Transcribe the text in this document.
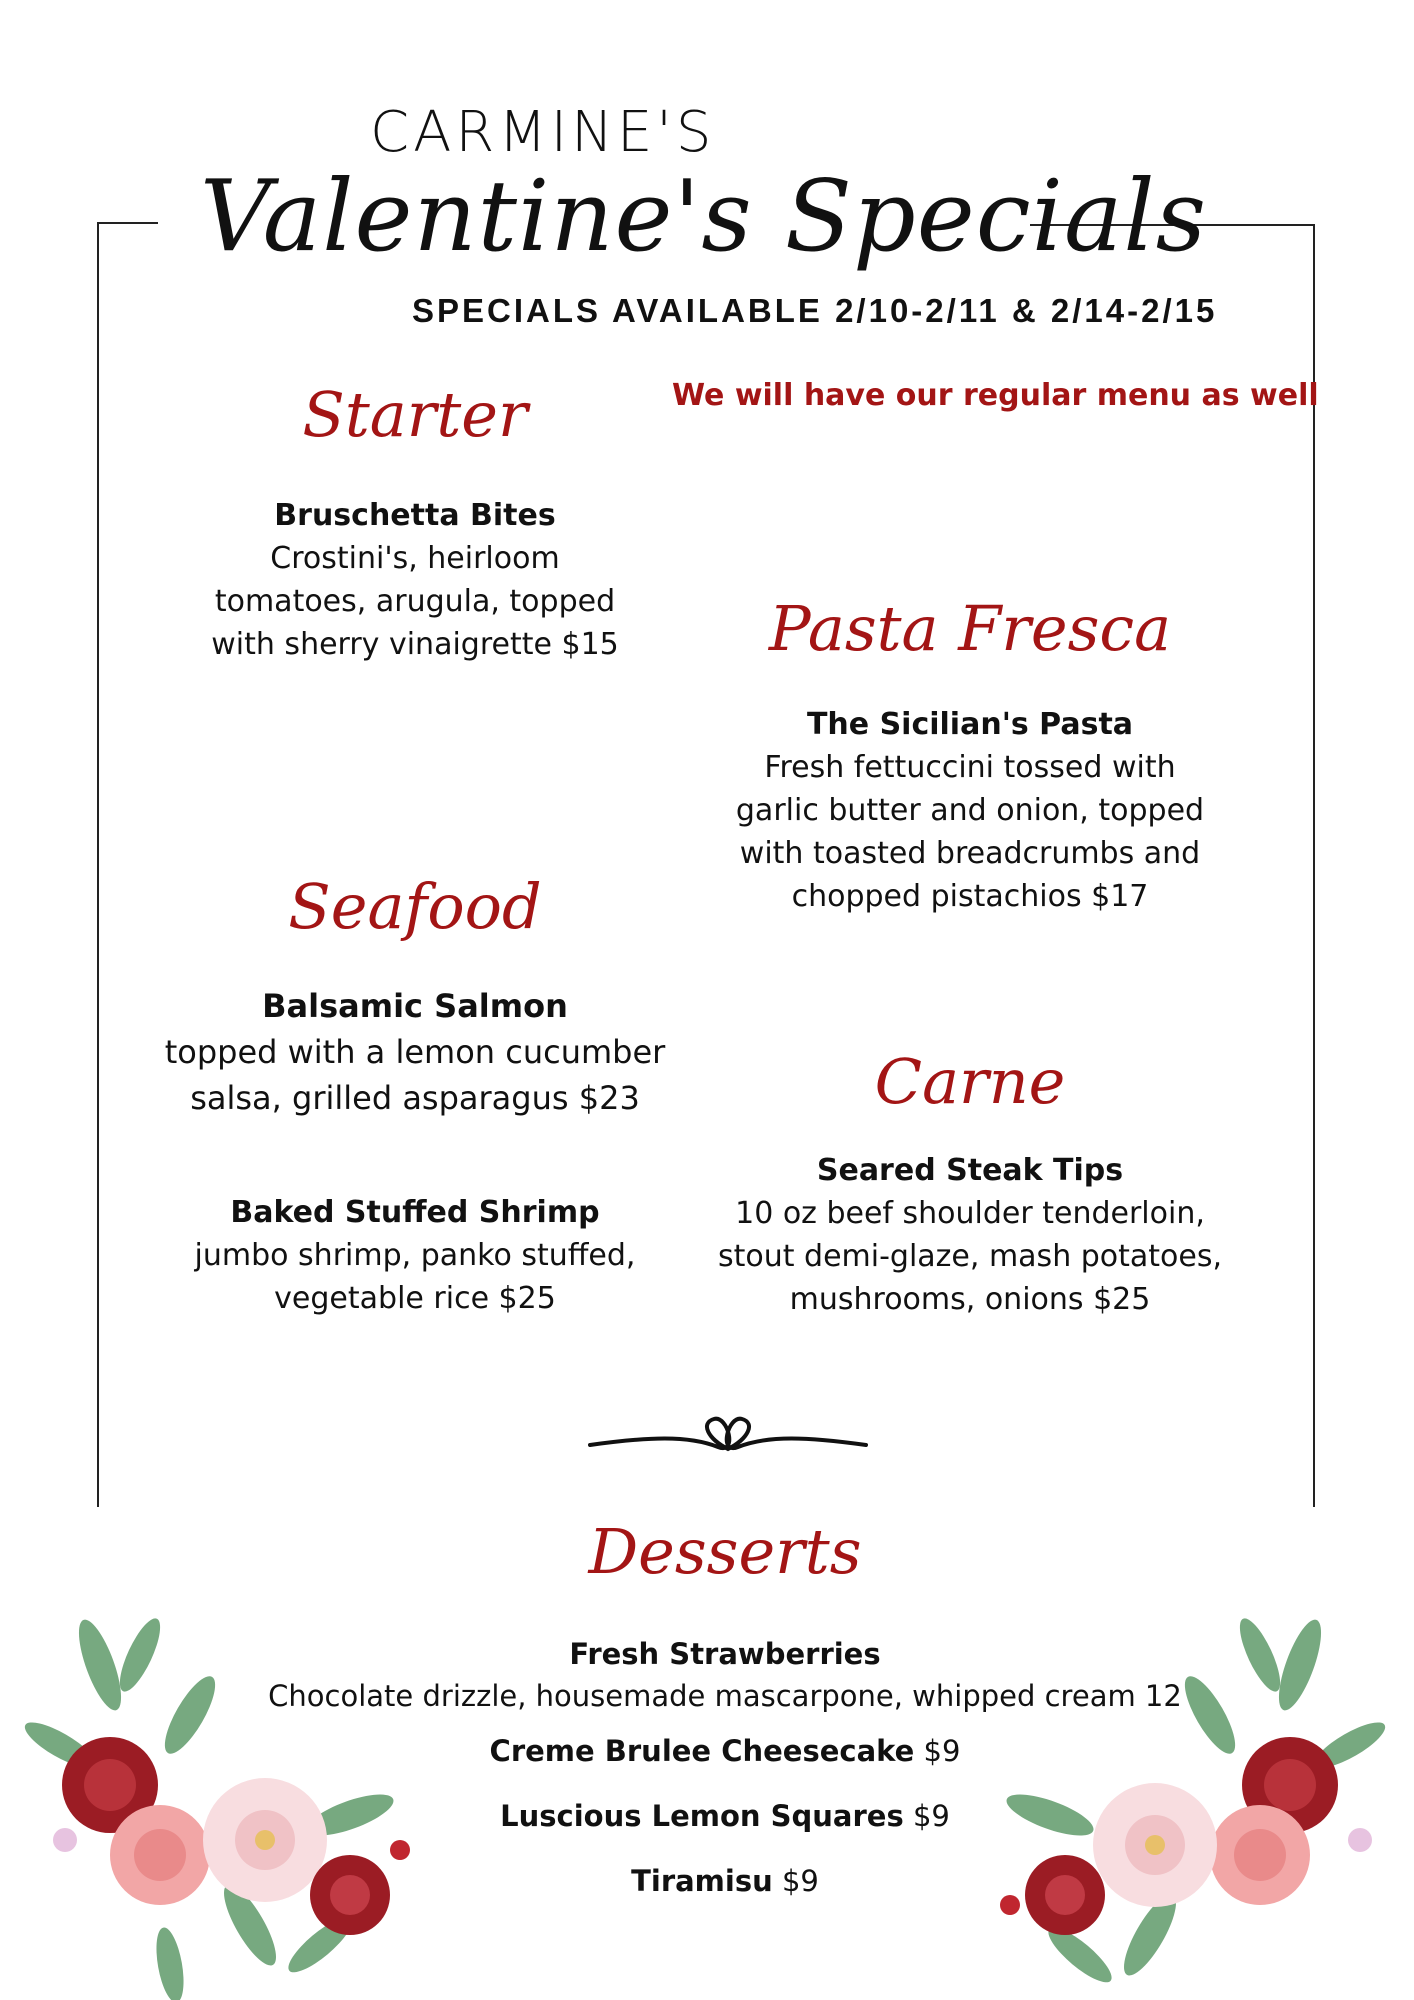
CARMINE'S
Valentine's Specials
SPECIALS AVAILABLE 2/10-2/11 & 2/14-2/15
We will have our regular menu as well
Starter
Bruschetta Bites
Crostini's, heirloom
tomatoes, arugula, topped
with sherry vinaigrette $15	Pasta Fresca
The Sicilian's Pasta
Fresh fettuccini tossed with
garlic butter and onion, topped
with toasted breadcrumbs and
chopped pistachios $17
Seafood
Balsamic Salmon
topped with a lemon cucumber
salsa, grilled asparagus $23
Baked Stuffed Shrimp
jumbo shrimp, panko stuffed,
vegetable rice $25
Carne
Seared Steak Tips
10 oz beef shoulder tenderloin,
stout demi-glaze, mash potatoes,
mushrooms, onions $25
Desserts
Fresh Strawberries
Chocolate drizzle, housemade mascarpone, whipped cream 12
Creme Brulee Cheesecake $9
Luscious Lemon Squares $9
Tiramisu $9
